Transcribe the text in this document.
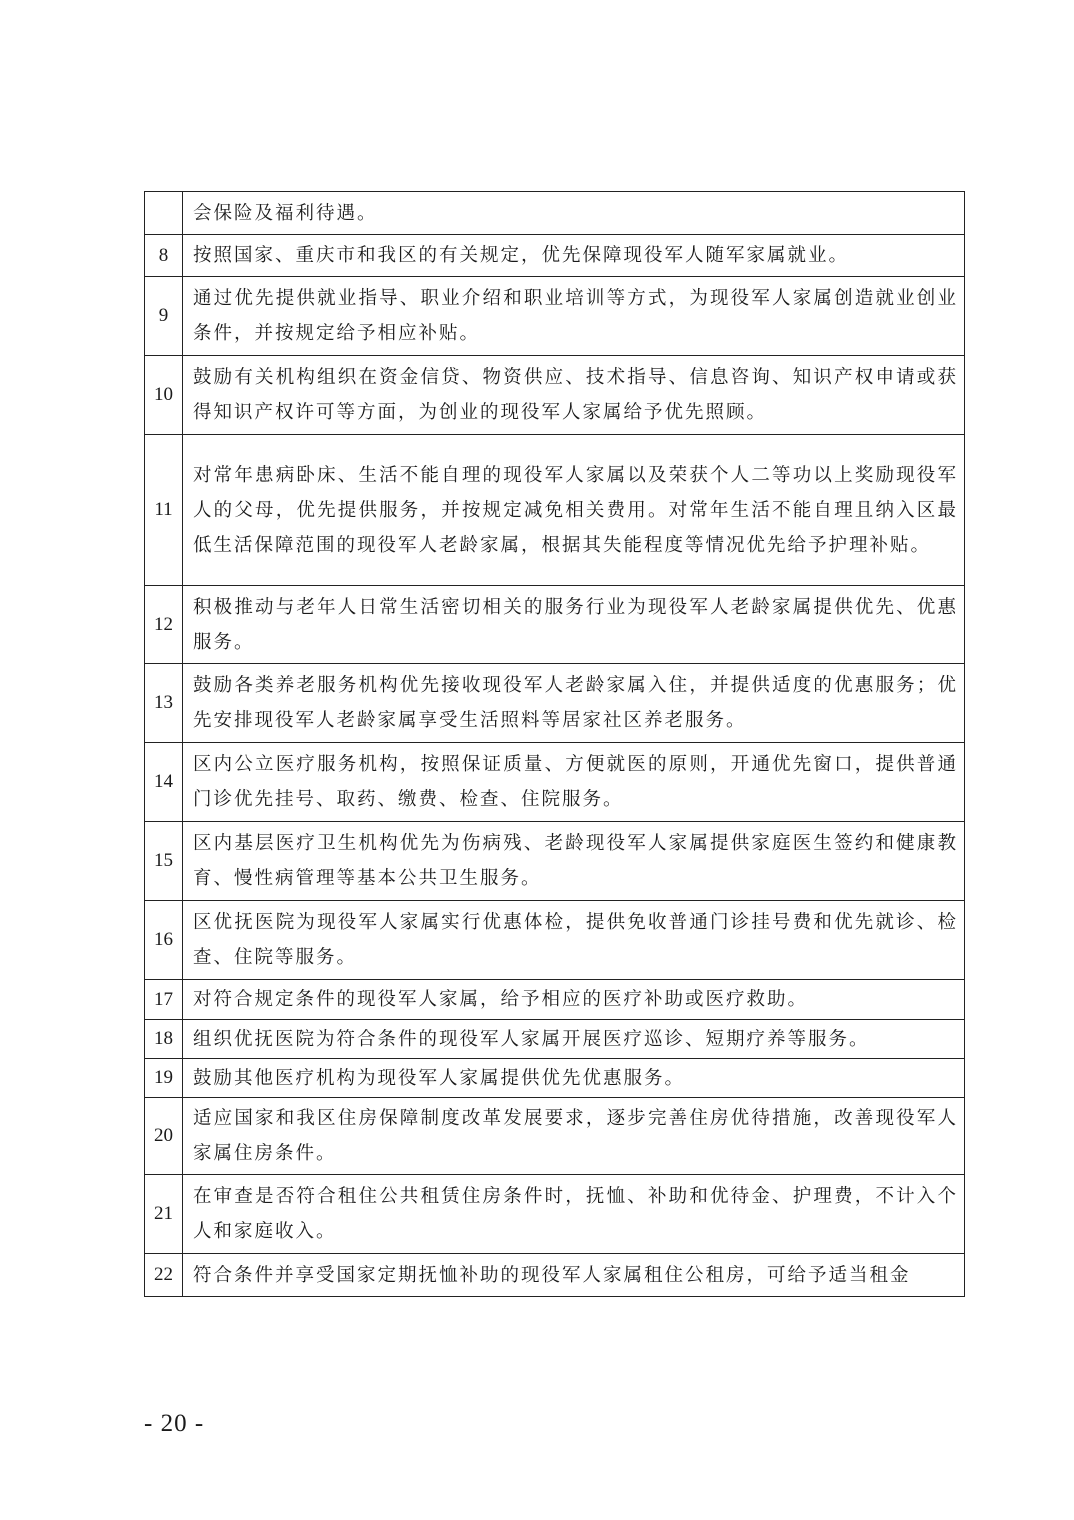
	会保险及福利待遇。
8	按照国家、重庆市和我区的有关规定，优先保障现役军人随军家属就业。
9	通过优先提供就业指导、职业介绍和职业培训等方式，为现役军人家属创造就业创业条件，并按规定给予相应补贴。
10	鼓励有关机构组织在资金信贷、物资供应、技术指导、信息咨询、知识产权申请或获得知识产权许可等方面，为创业的现役军人家属给予优先照顾。
11	对常年患病卧床、生活不能自理的现役军人家属以及荣获个人二等功以上奖励现役军人的父母，优先提供服务，并按规定减免相关费用。对常年生活不能自理且纳入区最低生活保障范围的现役军人老龄家属，根据其失能程度等情况优先给予护理补贴。
12	积极推动与老年人日常生活密切相关的服务行业为现役军人老龄家属提供优先、优惠服务。
13	鼓励各类养老服务机构优先接收现役军人老龄家属入住，并提供适度的优惠服务；优先安排现役军人老龄家属享受生活照料等居家社区养老服务。
14	区内公立医疗服务机构，按照保证质量、方便就医的原则，开通优先窗口，提供普通门诊优先挂号、取药、缴费、检查、住院服务。
15	区内基层医疗卫生机构优先为伤病残、老龄现役军人家属提供家庭医生签约和健康教育、慢性病管理等基本公共卫生服务。
16	区优抚医院为现役军人家属实行优惠体检，提供免收普通门诊挂号费和优先就诊、检查、住院等服务。
17	对符合规定条件的现役军人家属，给予相应的医疗补助或医疗救助。
18	组织优抚医院为符合条件的现役军人家属开展医疗巡诊、短期疗养等服务。
19	鼓励其他医疗机构为现役军人家属提供优先优惠服务。
20	适应国家和我区住房保障制度改革发展要求，逐步完善住房优待措施，改善现役军人家属住房条件。
21	在审查是否符合租住公共租赁住房条件时，抚恤、补助和优待金、护理费，不计入个人和家庭收入。
22	符合条件并享受国家定期抚恤补助的现役军人家属租住公租房，可给予适当租金
- 20 -
